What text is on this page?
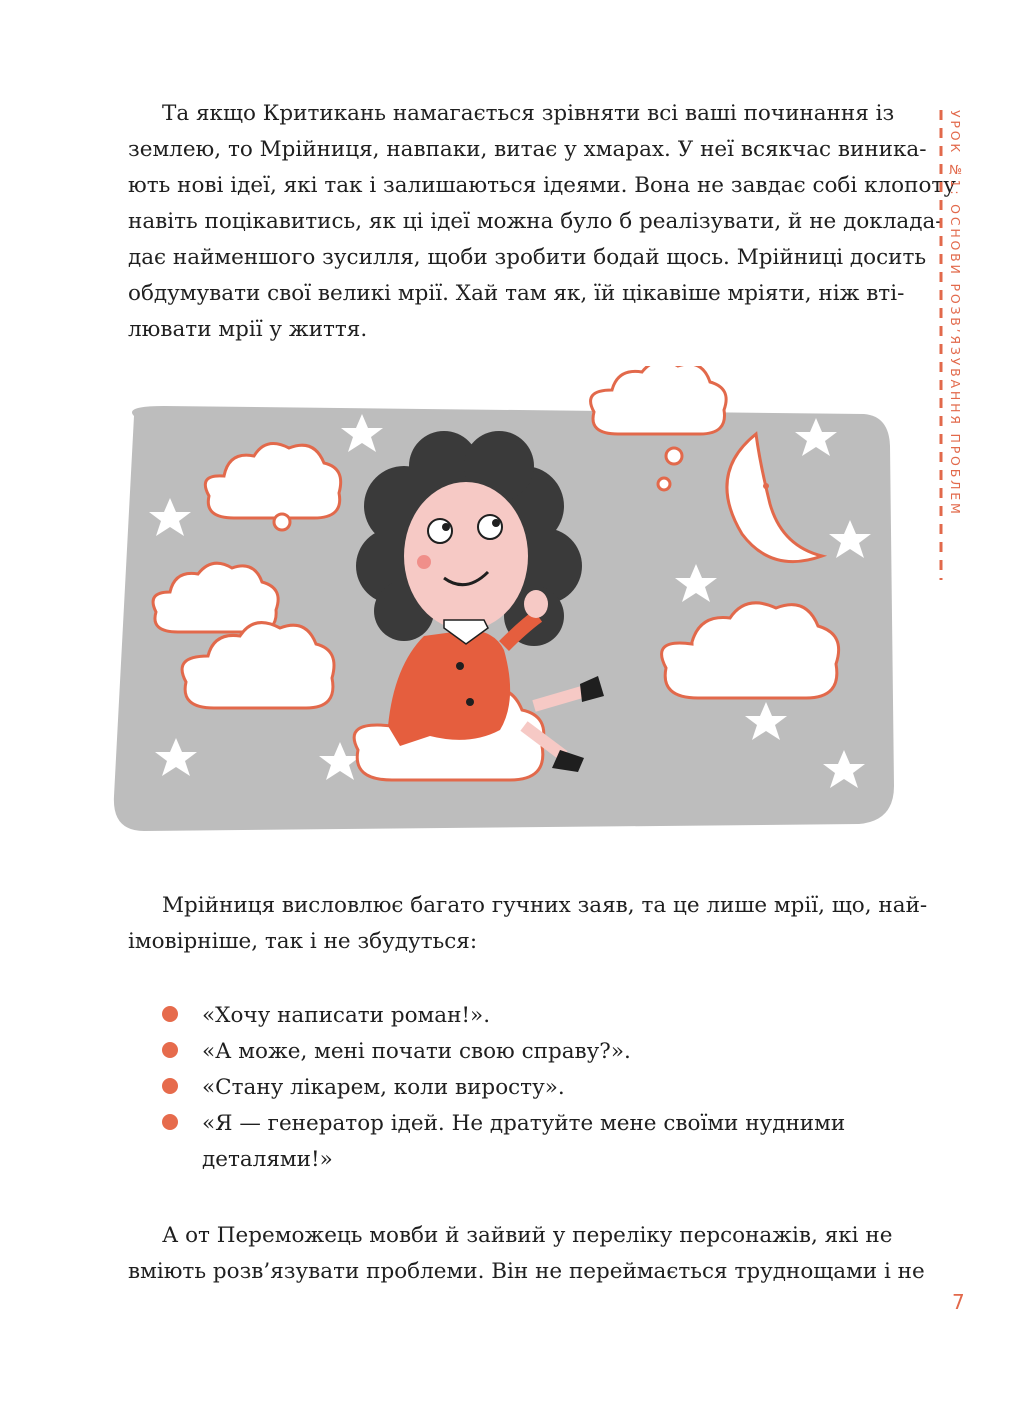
Та якщо Критикань намагається зрівняти всі ваші починання із
землею, то Мрійниця, навпаки, витає у хмарах. У неї всякчас виника-
ють нові ідеї, які так і залишаються ідеями. Вона не завдає собі клопоту
навіть поцікавитись, як ці ідеї можна було б реалізувати, й не доклада-
дає найменшого зусилля, щоби зробити бодай щось. Мрійниці досить
обдумувати свої великі мрії. Хай там як, їй цікавіше мріяти, ніж вті-
лювати мрії у життя.

Мрійниця висловлює багато гучних заяв, та це лише мрії, що, най-
імовірніше, так і не збудуться:

«Хочу написати роман!».
«А може, мені почати свою справу?».
«Стану лікарем, коли виросту».
«Я — генератор ідей. Не дратуйте мене своїми нудними
деталями!»

А от Переможець мовби й зайвий у переліку персонажів, які не
вміють розв’язувати проблеми. Він не переймається труднощами і не

УРОК №1: ОСНОВИ РОЗВ’ЯЗУВАННЯ ПРОБЛЕМ
7
